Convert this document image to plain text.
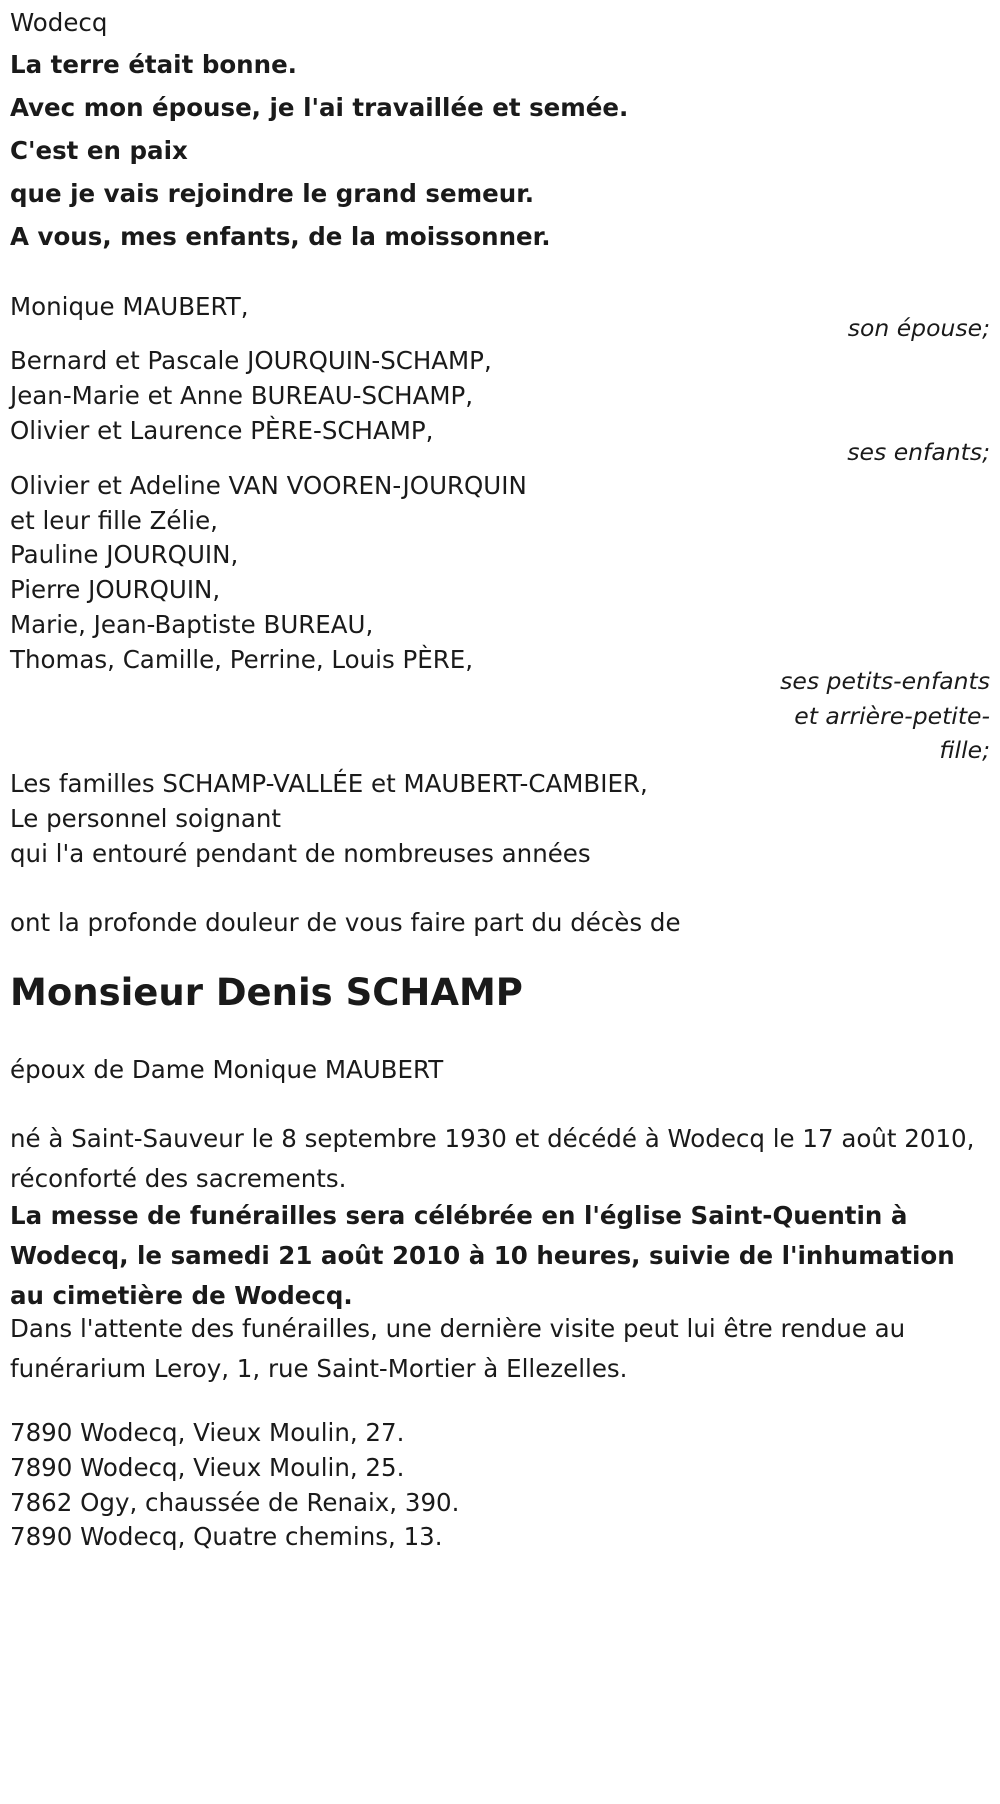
Wodecq
La terre était bonne.
Avec mon épouse, je l'ai travaillée et semée.
C'est en paix
que je vais rejoindre le grand semeur.
A vous, mes enfants, de la moissonner.
Monique MAUBERT,
son épouse;
Bernard et Pascale JOURQUIN-SCHAMP,
Jean-Marie et Anne BUREAU-SCHAMP,
Olivier et Laurence PÈRE-SCHAMP,
ses enfants;
Olivier et Adeline VAN VOOREN-JOURQUIN
et leur fille Zélie,
Pauline JOURQUIN,
Pierre JOURQUIN,
Marie, Jean-Baptiste BUREAU,
Thomas, Camille, Perrine, Louis PÈRE,
ses petits-enfants
et arrière-petite-
fille;
Les familles SCHAMP-VALLÉE et MAUBERT-CAMBIER,
Le personnel soignant
qui l'a entouré pendant de nombreuses années
ont la profonde douleur de vous faire part du décès de
Monsieur Denis SCHAMP
époux de Dame Monique MAUBERT
né à Saint-Sauveur le 8 septembre 1930 et décédé à Wodecq le 17 août 2010, réconforté des sacrements.
La messe de funérailles sera célébrée en l'église Saint-Quentin à Wodecq, le samedi 21 août 2010 à 10 heures, suivie de l'inhumation au cimetière de Wodecq.
Dans l'attente des funérailles, une dernière visite peut lui être rendue au funérarium Leroy, 1, rue Saint-Mortier à Ellezelles.
7890 Wodecq, Vieux Moulin, 27.
7890 Wodecq, Vieux Moulin, 25.
7862 Ogy, chaussée de Renaix, 390.
7890 Wodecq, Quatre chemins, 13.
